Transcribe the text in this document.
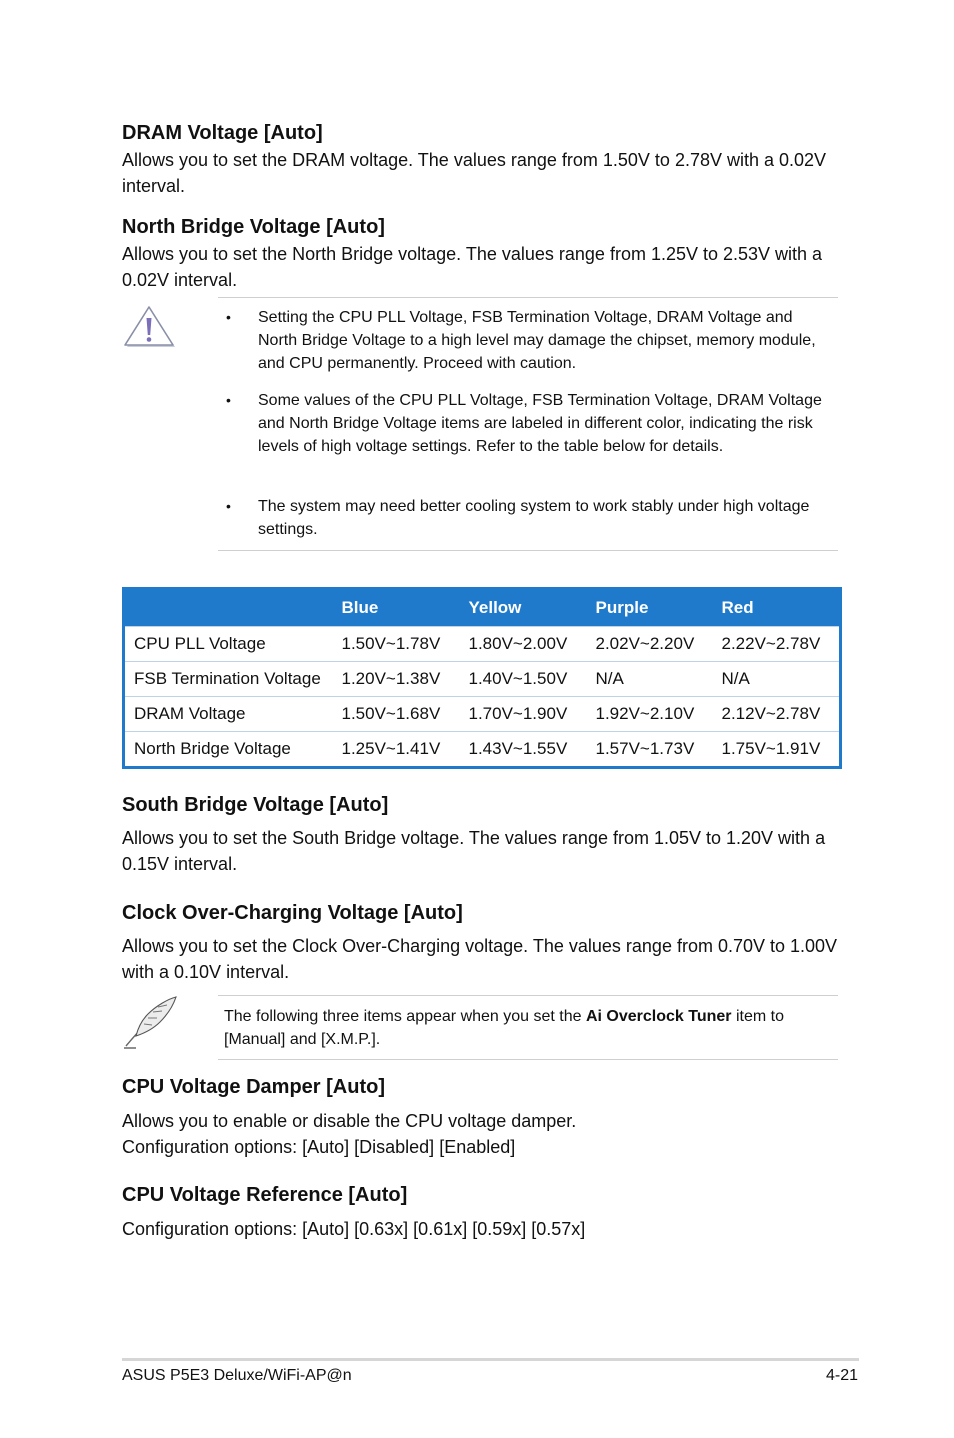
DRAM Voltage [Auto]

Allows you to set the DRAM voltage. The values range from 1.50V to 2.78V with a 0.02V interval.

North Bridge Voltage [Auto]

Allows you to set the North Bridge voltage. The values range from 1.25V to 2.53V with a 0.02V interval.

• Setting the CPU PLL Voltage, FSB Termination Voltage, DRAM Voltage and North Bridge Voltage to a high level may damage the chipset, memory module, and CPU permanently. Proceed with caution.

• Some values of the CPU PLL Voltage, FSB Termination Voltage, DRAM Voltage and North Bridge Voltage items are labeled in different color, indicating the risk levels of high voltage settings. Refer to the table below for details.

• The system may need better cooling system to work stably under high voltage settings.

	Blue	Yellow	Purple	Red
CPU PLL Voltage	1.50V~1.78V	1.80V~2.00V	2.02V~2.20V	2.22V~2.78V
FSB Termination Voltage	1.20V~1.38V	1.40V~1.50V	N/A	N/A
DRAM Voltage	1.50V~1.68V	1.70V~1.90V	1.92V~2.10V	2.12V~2.78V
North Bridge Voltage	1.25V~1.41V	1.43V~1.55V	1.57V~1.73V	1.75V~1.91V
South Bridge Voltage [Auto]

Allows you to set the South Bridge voltage. The values range from 1.05V to 1.20V with a 0.15V interval.

Clock Over-Charging Voltage [Auto]

Allows you to set the Clock Over-Charging voltage. The values range from 0.70V to 1.00V with a 0.10V interval.

The following three items appear when you set the Ai Overclock Tuner item to [Manual] and [X.M.P.].

CPU Voltage Damper [Auto]

Allows you to enable or disable the CPU voltage damper.
Configuration options: [Auto] [Disabled] [Enabled]

CPU Voltage Reference [Auto]

Configuration options: [Auto] [0.63x] [0.61x] [0.59x] [0.57x]

ASUS P5E3 Deluxe/WiFi-AP@n	4-21
